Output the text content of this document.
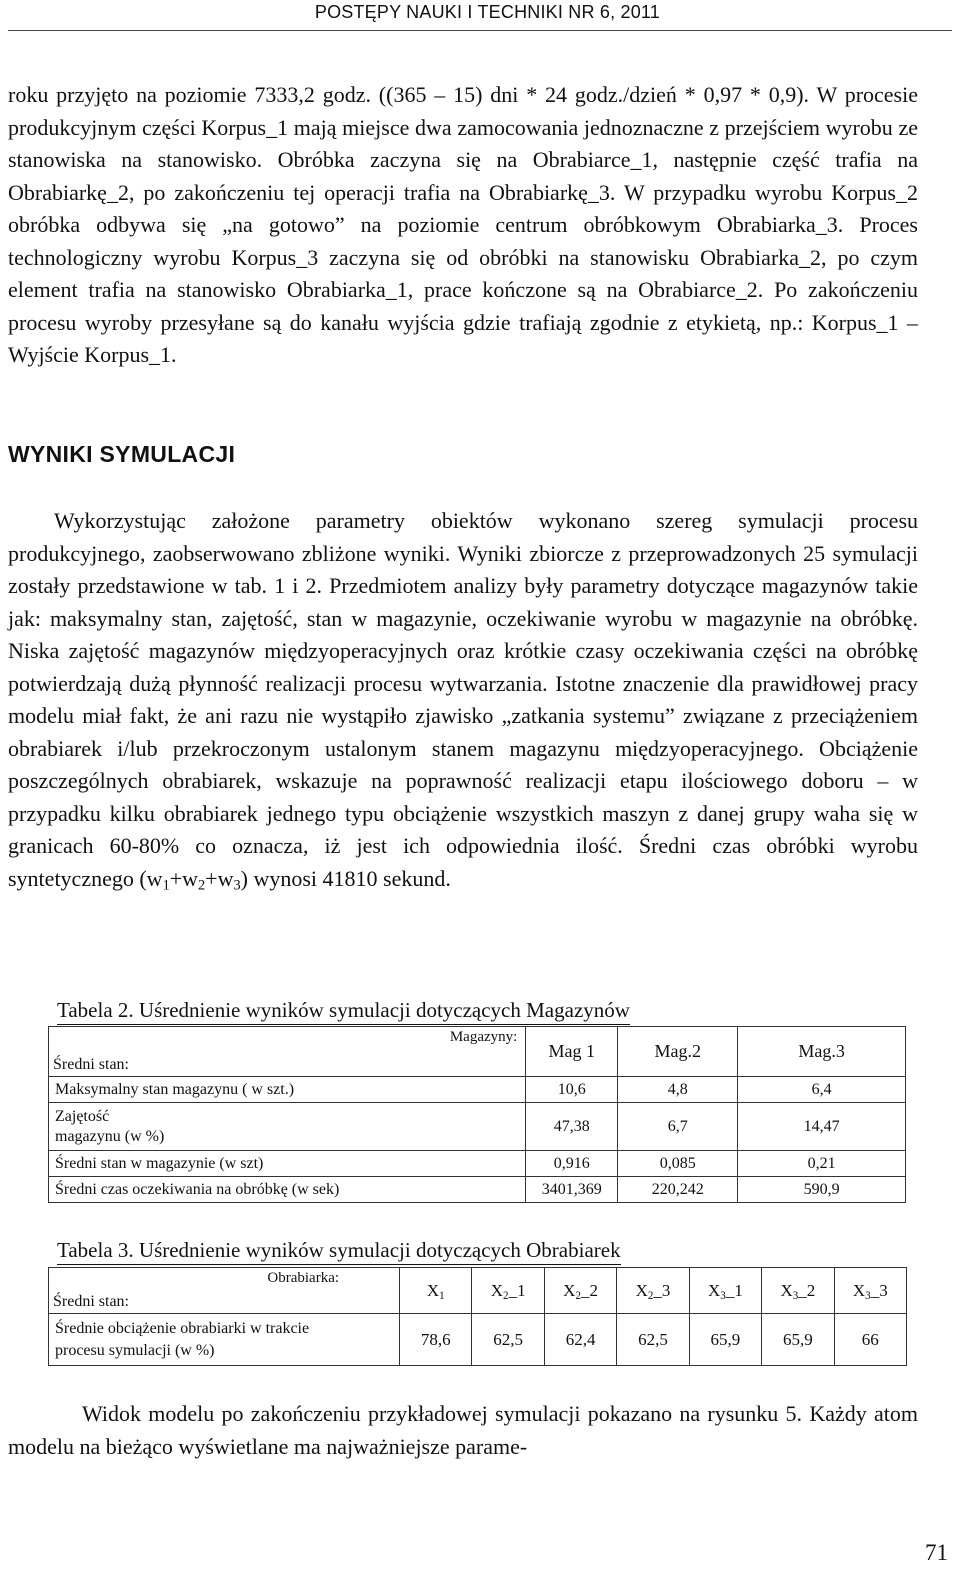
POSTĘPY NAUKI I TECHNIKI NR 6, 2011

roku przyjęto na poziomie 7333,2 godz. ((365 – 15) dni * 24 godz./dzień * 0,97 * 0,9). W procesie produkcyjnym części Korpus_1 mają miejsce dwa zamocowania jednoznaczne z przejściem wyrobu ze stanowiska na stanowisko. Obróbka zaczyna się na Obrabiarce_1, następnie część trafia na Obrabiarkę_2, po zakończeniu tej operacji trafia na Obrabiarkę_3. W przypadku wyrobu Korpus_2 obróbka odbywa się „na gotowo” na poziomie centrum obróbkowym Obrabiarka_3. Proces technologiczny wyrobu Korpus_3 zaczyna się od obróbki na stanowisku Obrabiarka_2, po czym element trafia na stanowisko Obrabiarka_1, prace kończone są na Obrabiarce_2. Po zakończeniu procesu wyroby przesyłane są do kanału wyjścia gdzie trafiają zgodnie z etykietą, np.: Korpus_1 – Wyjście Korpus_1.

WYNIKI SYMULACJI

Wykorzystując założone parametry obiektów wykonano szereg symulacji procesu produkcyjnego, zaobserwowano zbliżone wyniki. Wyniki zbiorcze z przeprowadzonych 25 symulacji zostały przedstawione w tab. 1 i 2. Przedmiotem analizy były parametry dotyczące magazynów takie jak: maksymalny stan, zajętość, stan w magazynie, oczekiwanie wyrobu w magazynie na obróbkę. Niska zajętość magazynów międzyoperacyjnych oraz krótkie czasy oczekiwania części na obróbkę potwierdzają dużą płynność realizacji procesu wytwarzania. Istotne znaczenie dla prawidłowej pracy modelu miał fakt, że ani razu nie wystąpiło zjawisko „zatkania systemu” związane z przeciążeniem obrabiarek i/lub przekroczonym ustalonym stanem magazynu międzyoperacyjnego. Obciążenie poszczególnych obrabiarek, wskazuje na poprawność realizacji etapu ilościowego doboru – w przypadku kilku obrabiarek jednego typu obciążenie wszystkich maszyn z danej grupy waha się w granicach 60-80% co oznacza, iż jest ich odpowiednia ilość. Średni czas obróbki wyrobu syntetycznego $(w_1+w_2+w_3)$ wynosi 41810 sekund.

Tabela 2. Uśrednienie wyników symulacji dotyczących Magazynów
Magazyny:
Średni stan:	Mag 1	Mag.2	Mag.3
Maksymalny stan magazynu ( w szt.)	10,6	4,8	6,4

Zajętość
magazynu (w %)	47,38	6,7	14,47
Średni stan w magazynie (w szt)	0,916	0,085	0,21
Średni czas oczekiwania na obróbkę (w sek)	3401,369	220,242	590,9
Tabela 3. Uśrednienie wyników symulacji dotyczących Obrabiarek
Obrabiarka:
Średni stan:	$X_1$	$X_2\_1$	$X_2\_2$	$X_2\_3$	$X_3\_1$	$X_3\_2$	$X_3\_3$

Średnie obciążenie obrabiarki w trakcie
procesu symulacji (w %)	78,6	62,5	62,4	62,5	65,9	65,9	66

Widok modelu po zakończeniu przykładowej symulacji pokazano na rysunku 5. Każdy atom modelu na bieżąco wyświetlane ma najważniejsze parame-

71
